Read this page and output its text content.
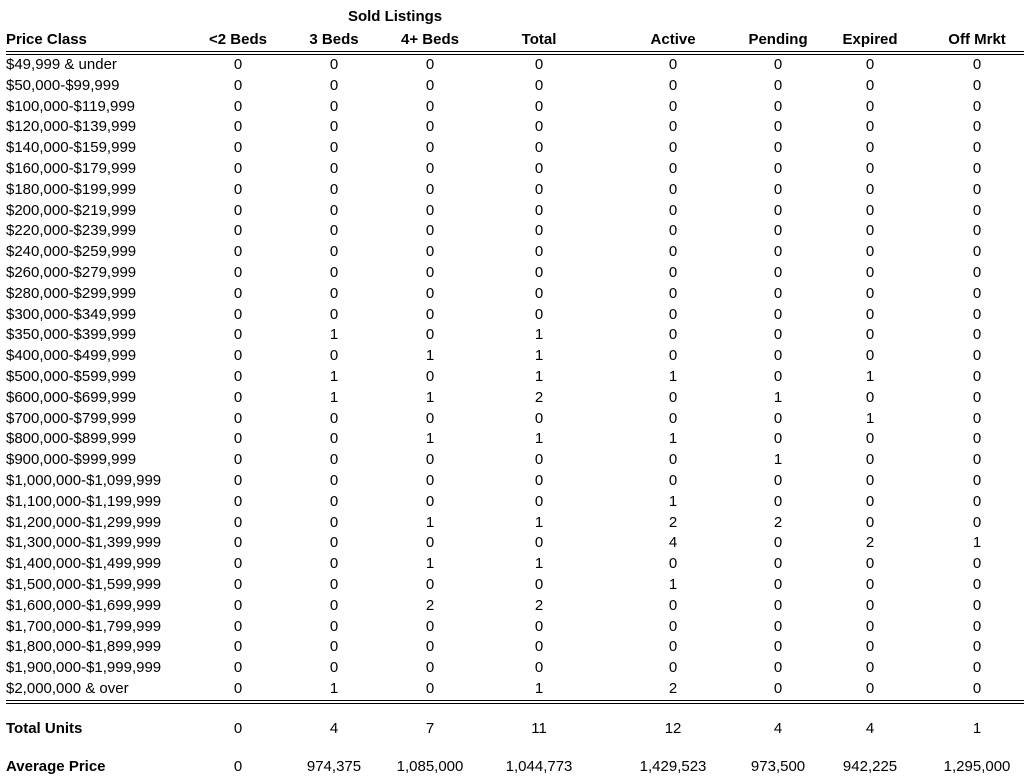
	Sold Listings							
Price Class	<2 Beds	3 Beds	4+ Beds	Total	Active	Pending	Expired	Off Mrkt
$49,999 & under	0	0	0	0	0	0	0	0
$50,000-$99,999	0	0	0	0	0	0	0	0
$100,000-$119,999	0	0	0	0	0	0	0	0
$120,000-$139,999	0	0	0	0	0	0	0	0
$140,000-$159,999	0	0	0	0	0	0	0	0
$160,000-$179,999	0	0	0	0	0	0	0	0
$180,000-$199,999	0	0	0	0	0	0	0	0
$200,000-$219,999	0	0	0	0	0	0	0	0
$220,000-$239,999	0	0	0	0	0	0	0	0
$240,000-$259,999	0	0	0	0	0	0	0	0
$260,000-$279,999	0	0	0	0	0	0	0	0
$280,000-$299,999	0	0	0	0	0	0	0	0
$300,000-$349,999	0	0	0	0	0	0	0	0
$350,000-$399,999	0	1	0	1	0	0	0	0
$400,000-$499,999	0	0	1	1	0	0	0	0
$500,000-$599,999	0	1	0	1	1	0	1	0
$600,000-$699,999	0	1	1	2	0	1	0	0
$700,000-$799,999	0	0	0	0	0	0	1	0
$800,000-$899,999	0	0	1	1	1	0	0	0
$900,000-$999,999	0	0	0	0	0	1	0	0
$1,000,000-$1,099,999	0	0	0	0	0	0	0	0
$1,100,000-$1,199,999	0	0	0	0	1	0	0	0
$1,200,000-$1,299,999	0	0	1	1	2	2	0	0
$1,300,000-$1,399,999	0	0	0	0	4	0	2	1
$1,400,000-$1,499,999	0	0	1	1	0	0	0	0
$1,500,000-$1,599,999	0	0	0	0	1	0	0	0
$1,600,000-$1,699,999	0	0	2	2	0	0	0	0
$1,700,000-$1,799,999	0	0	0	0	0	0	0	0
$1,800,000-$1,899,999	0	0	0	0	0	0	0	0
$1,900,000-$1,999,999	0	0	0	0	0	0	0	0
$2,000,000 & over	0	1	0	1	2	0	0	0
Total Units	0	4	7	11	12	4	4	1
Average Price	0	974,375	1,085,000	1,044,773	1,429,523	973,500	942,225	1,295,000
